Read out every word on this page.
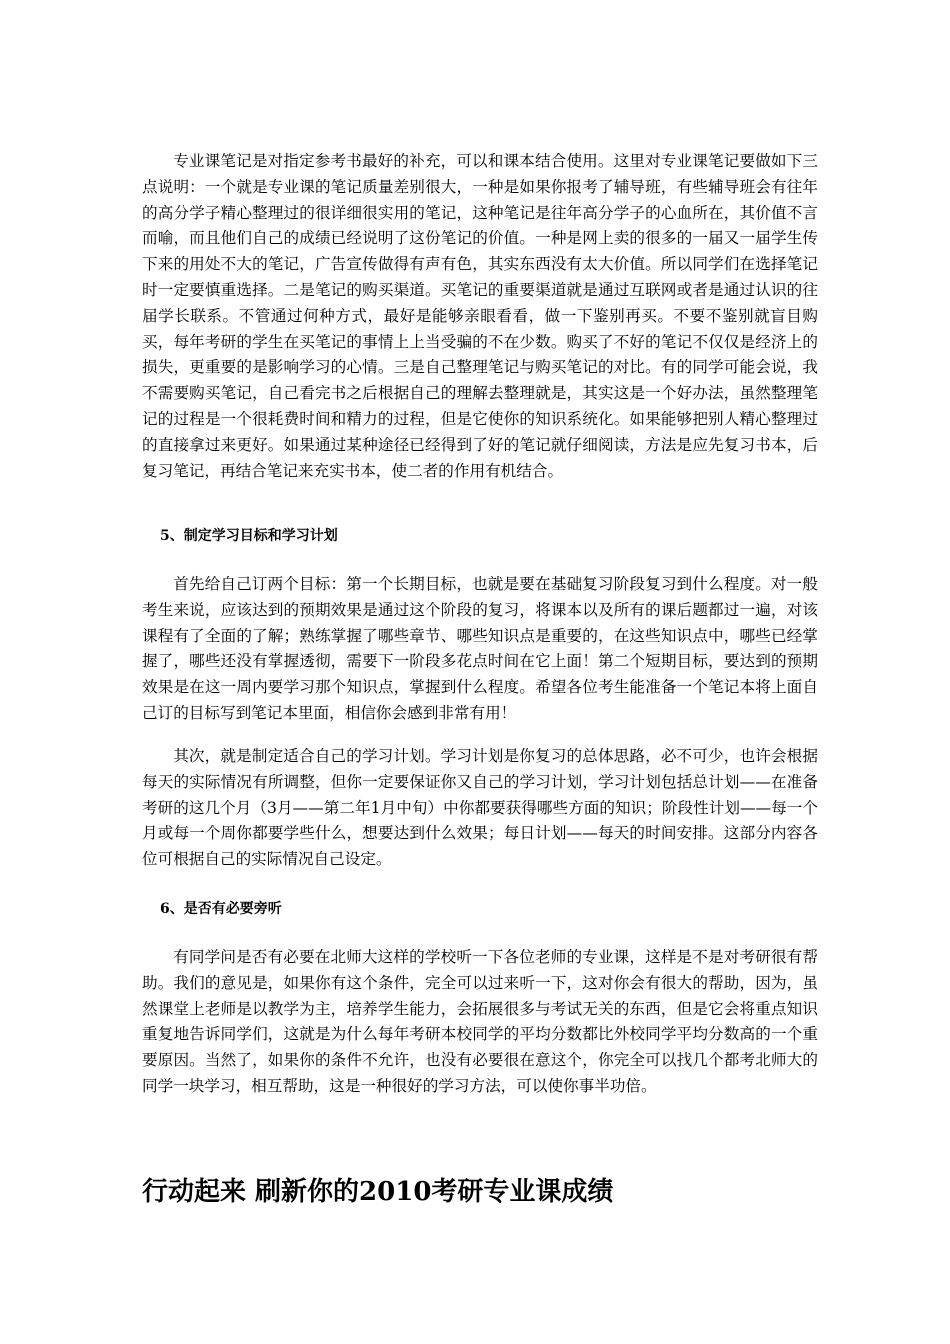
专业课笔记是对指定参考书最好的补充，可以和课本结合使用。这里对专业课笔记要做如下三点说明：一个就是专业课的笔记质量差别很大，一种是如果你报考了辅导班，有些辅导班会有往年的高分学子精心整理过的很详细很实用的笔记，这种笔记是往年高分学子的心血所在，其价值不言而喻，而且他们自己的成绩已经说明了这份笔记的价值。一种是网上卖的很多的一届又一届学生传下来的用处不大的笔记，广告宣传做得有声有色，其实东西没有太大价值。所以同学们在选择笔记时一定要慎重选择。二是笔记的购买渠道。买笔记的重要渠道就是通过互联网或者是通过认识的往届学长联系。不管通过何种方式，最好是能够亲眼看看，做一下鉴别再买。不要不鉴别就盲目购买，每年考研的学生在买笔记的事情上上当受骗的不在少数。购买了不好的笔记不仅仅是经济上的损失，更重要的是影响学习的心情。三是自己整理笔记与购买笔记的对比。有的同学可能会说，我不需要购买笔记，自己看完书之后根据自己的理解去整理就是，其实这是一个好办法，虽然整理笔记的过程是一个很耗费时间和精力的过程，但是它使你的知识系统化。如果能够把别人精心整理过的直接拿过来更好。如果通过某种途径已经得到了好的笔记就仔细阅读，方法是应先复习书本，后复习笔记，再结合笔记来充实书本，使二者的作用有机结合。

5、制定学习目标和学习计划

首先给自己订两个目标：第一个长期目标，也就是要在基础复习阶段复习到什么程度。对一般考生来说，应该达到的预期效果是通过这个阶段的复习，将课本以及所有的课后题都过一遍，对该课程有了全面的了解；熟练掌握了哪些章节、哪些知识点是重要的，在这些知识点中，哪些已经掌握了，哪些还没有掌握透彻，需要下一阶段多花点时间在它上面！第二个短期目标，要达到的预期效果是在这一周内要学习那个知识点，掌握到什么程度。希望各位考生能准备一个笔记本将上面自己订的目标写到笔记本里面，相信你会感到非常有用！

其次，就是制定适合自己的学习计划。学习计划是你复习的总体思路，必不可少，也许会根据每天的实际情况有所调整，但你一定要保证你又自己的学习计划，学习计划包括总计划——在准备考研的这几个月（3月——第二年1月中旬）中你都要获得哪些方面的知识；阶段性计划——每一个月或每一个周你都要学些什么，想要达到什么效果；每日计划——每天的时间安排。这部分内容各位可根据自己的实际情况自己设定。

6、是否有必要旁听

有同学问是否有必要在北师大这样的学校听一下各位老师的专业课，这样是不是对考研很有帮助。我们的意见是，如果你有这个条件，完全可以过来听一下，这对你会有很大的帮助，因为，虽然课堂上老师是以教学为主，培养学生能力，会拓展很多与考试无关的东西，但是它会将重点知识重复地告诉同学们，这就是为什么每年考研本校同学的平均分数都比外校同学平均分数高的一个重要原因。当然了，如果你的条件不允许，也没有必要很在意这个，你完全可以找几个都考北师大的同学一块学习，相互帮助，这是一种很好的学习方法，可以使你事半功倍。

行动起来 刷新你的2010考研专业课成绩
